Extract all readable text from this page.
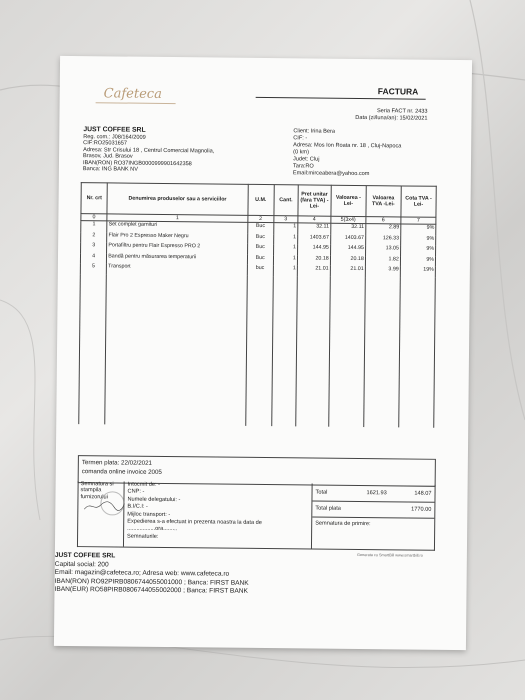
Cafeteca	FACTURA
Seria FACT nr. 2433
Data (zi/luna/an): 15/02/2021
JUST COFFEE SRL
Reg. com.: J08/164/2009
CIF:RO25031657
Adresa: Str Crisului 18 , Centrul Comercial Magnolia,
Brasov, Jud. Brasov
IBAN(RON) RO37INGB0000999901642358
Banca: ING BANK NV
Client: Irina Bera
CIF: -
Adresa: Mos Ion Roata nr. 18 , Cluj-Napoca
(0 km)
Judet: Cluj
Tara:RO
Email:mirceabera@yahoo.com
Nr. crt	Denumirea produselor sau a serviciilor	U.M.	Cant.	Pret unitar (fara TVA) -Lei-	Valoarea -Lei-	Valoarea TVA -Lei-	Cota TVA -Lei-
0	1	2	3	4	5(3x4)	6	7
1	Set complet garnituri	Buc	1	32.11	32.11	2.89	9%
2	Flair Pro 2 Espresso Maker Negru	Buc	1	1403.67	1403.67	126.33	9%
3	Portafiltru pentru Flair Espresso PRO 2	Buc	1	144.95	144.95	13.05	9%
4	Bandă pentru măsurarea temperaturii	Buc	1	20.18	20.18	1.82	9%
5	Transport	buc	1	21.01	21.01	3.99	19%

Termen plata: 22/02/2021
comanda online invoice 2005
Semnatura si
stampila
furnizorului
Intocmit de: -
CNP: -
Numele delegatului: -
B.I/C.I: -
Mijloc transport: -
Expedierea s-a efectuat in prezenta noastra la data de
..................ora.........
Semnaturile:
Total	1621.93	148.07
Total plata	1770.00
Semnatura de primire:
Generata cu SmartBill www.smartbill.ro
JUST COFFEE SRL
Capital social: 200
Email: magazin@cafeteca.ro; Adresa web: www.cafeteca.ro
IBAN(RON) RO92PIRB0806744055001000 ; Banca: FIRST BANK
IBAN(EUR) RO58PIRB0806744055002000 ; Banca: FIRST BANK
